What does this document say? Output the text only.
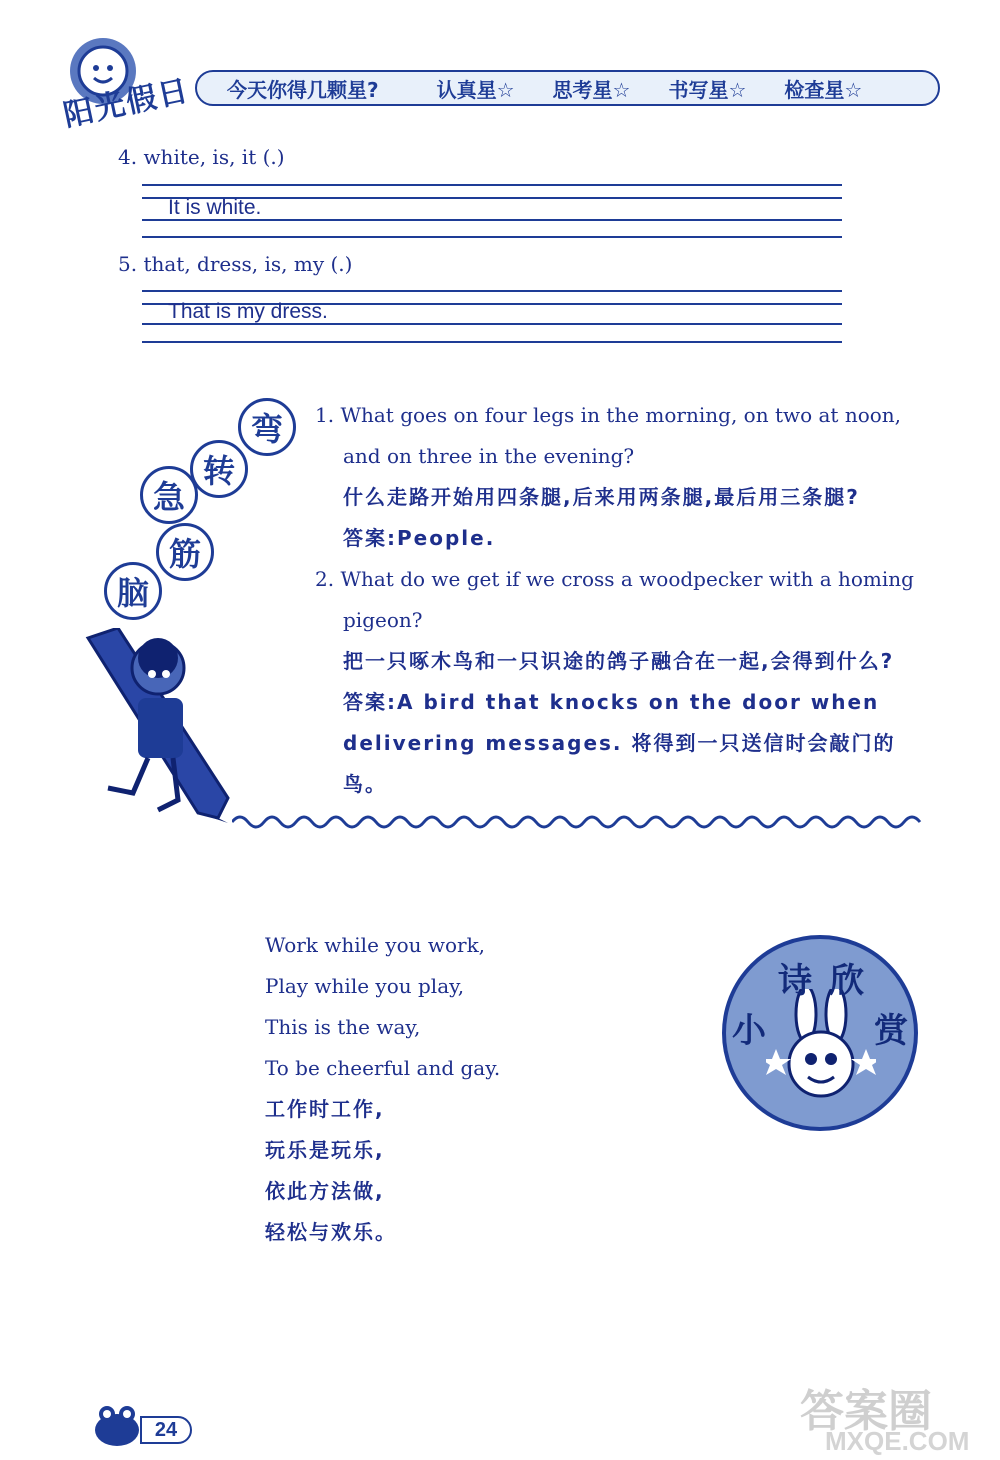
阳光假日 今天你得几颗星?	认真星☆ 思考星☆ 书写星☆ 检查星☆
4. white, is, it (.)
It is white.
5. that, dress, is, my (.)
That is my dress.
脑
筋
急
转
弯	1. What goes on four legs in the morning, on two at noon, and on three in the evening?

什么走路开始用四条腿,后来用两条腿,最后用三条腿?

答案:People.

2. What do we get if we cross a woodpecker with a homing pigeon?

把一只啄木鸟和一只识途的鸽子融合在一起,会得到什么?

答案:A bird that knocks on the door when delivering messages. 将得到一只送信时会敲门的鸟。

Work while you work,

Play while you play,

This is the way,

To be cheerful and gay.

工作时工作,

玩乐是玩乐,

依此方法做,

轻松与欢乐。

小
诗 欣
赏
24	答案圈
MXQE.COM
